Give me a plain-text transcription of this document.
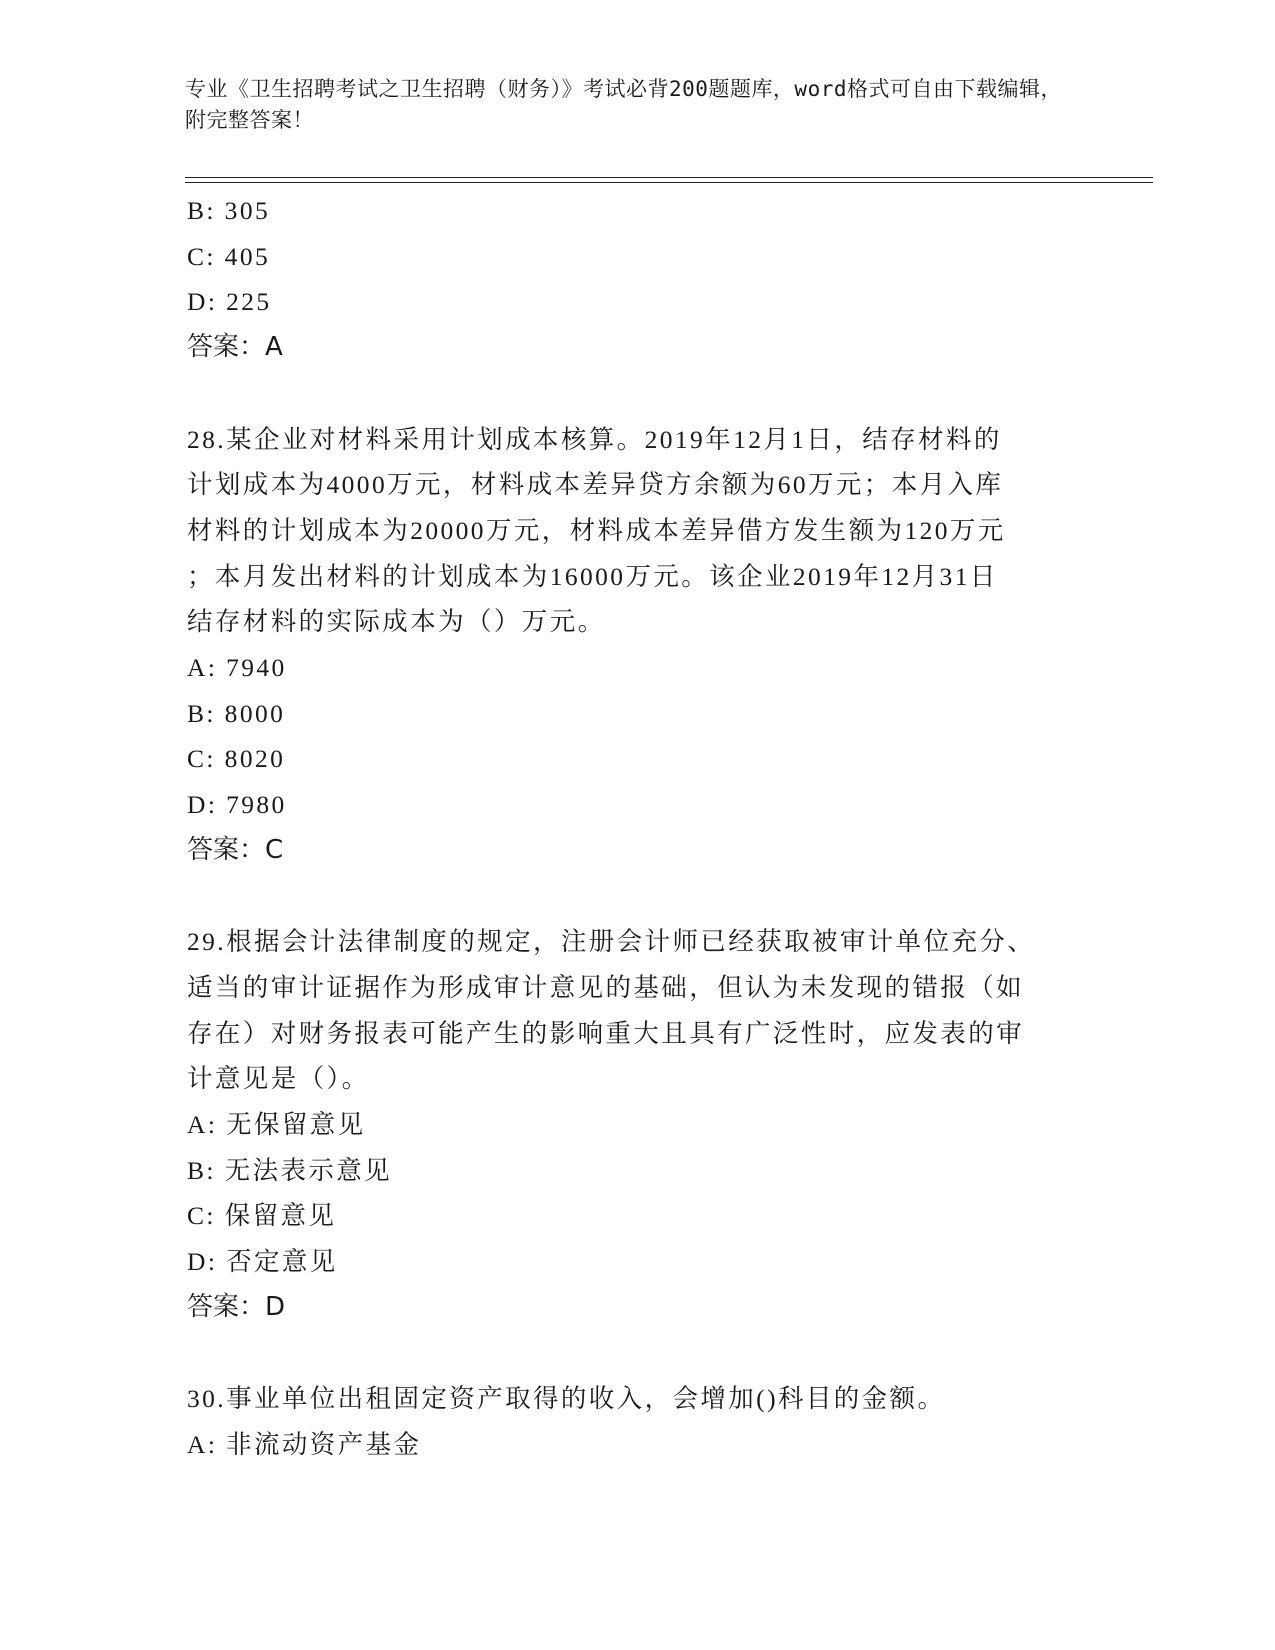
专业《卫生招聘考试之卫生招聘（财务）》考试必背200题题库，word格式可自由下载编辑，附完整答案！
B: 305
C: 405
D: 225
答案：A
28.某企业对材料采用计划成本核算。2019年12月1日，结存材料的
计划成本为4000万元，材料成本差异贷方余额为60万元；本月入库
材料的计划成本为20000万元，材料成本差异借方发生额为120万元
；本月发出材料的计划成本为16000万元。该企业2019年12月31日
结存材料的实际成本为（）万元。
A: 7940
B: 8000
C: 8020
D: 7980
答案：C
29.根据会计法律制度的规定，注册会计师已经获取被审计单位充分、
适当的审计证据作为形成审计意见的基础，但认为未发现的错报（如
存在）对财务报表可能产生的影响重大且具有广泛性时，应发表的审
计意见是（）。
A: 无保留意见
B: 无法表示意见
C: 保留意见
D: 否定意见
答案：D
30.事业单位出租固定资产取得的收入，会增加()科目的金额。
A: 非流动资产基金
